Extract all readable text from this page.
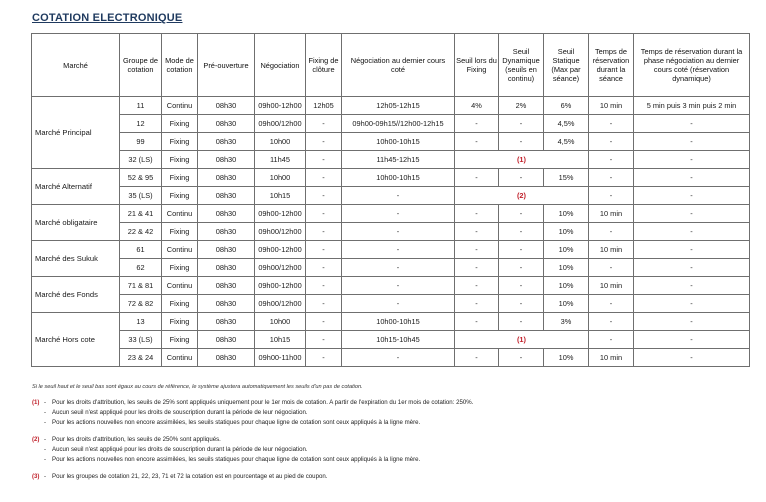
COTATION ELECTRONIQUE
Marché	Groupe de cotation	Mode de cotation	Pré-ouverture	Négociation	Fixing de clôture	Négociation au dernier cours coté	Seuil lors du Fixing	Seuil Dynamique (seuils en continu)	Seuil Statique (Max par séance)	Temps de réservation durant la séance	Temps de réservation durant la phase négociation au dernier cours coté (réservation dynamique)
Marché Principal	11	Continu	08h30	09h00-12h00	12h05	12h05-12h15	4%	2%	6%	10 min	5 min puis 3 min puis 2 min
	12	Fixing	08h30	09h00/12h00	-	09h00-09h15//12h00-12h15	-	-	4,5%	-	-
	99	Fixing	08h30	10h00	-	10h00-10h15	-	-	4,5%	-	-
	32 (LS)	Fixing	08h30	11h45	-	11h45-12h15	(1)			-	-
Marché Alternatif	52 & 95	Fixing	08h30	10h00	-	10h00-10h15	-	-	15%	-	-
	35 (LS)	Fixing	08h30	10h15	-	-	(2)			-	-
Marché obligataire	21 & 41	Continu	08h30	09h00-12h00	-	-	-	-	10%	10 min	-
	22 & 42	Fixing	08h30	09h00/12h00	-	-	-	-	10%	-	-
Marché des Sukuk	61	Continu	08h30	09h00-12h00	-	-	-	-	10%	10 min	-
	62	Fixing	08h30	09h00/12h00	-	-	-	-	10%	-	-
Marché des Fonds	71 & 81	Continu	08h30	09h00-12h00	-	-	-	-	10%	10 min	-
	72 & 82	Fixing	08h30	09h00/12h00	-	-	-	-	10%	-	-
Marché Hors cote	13	Fixing	08h30	10h00	-	10h00-10h15	-	-	3%	-	-
	33 (LS)	Fixing	08h30	10h15	-	10h15-10h45	(1)			-	-
	23 & 24	Continu	08h30	09h00-11h00	-	-	-	-	10%	10 min	-
Si le seuil haut et le seuil bas sont égaux au cours de référence, le système ajustera automatiquement les seuils d'un pas de cotation.
(1) - Pour les droits d'attribution, les seuils de 25% sont appliqués uniquement pour le 1er mois de cotation. A partir de l'expiration du 1er mois de cotation: 250%.
- Aucun seuil n'est appliqué pour les droits de souscription durant la période de leur négociation.
- Pour les actions nouvelles non encore assimilées, les seuils statiques pour chaque ligne de cotation sont ceux appliqués à la ligne mère.
(2) - Pour les droits d'attribution, les seuils de 250% sont appliqués.
- Aucun seuil n'est appliqué pour les droits de souscription durant la période de leur négociation.
- Pour les actions nouvelles non encore assimilées, les seuils statiques pour chaque ligne de cotation sont ceux appliqués à la ligne mère.
(3) - Pour les groupes de cotation 21, 22, 23, 71 et 72 la cotation est en pourcentage et au pied de coupon.
